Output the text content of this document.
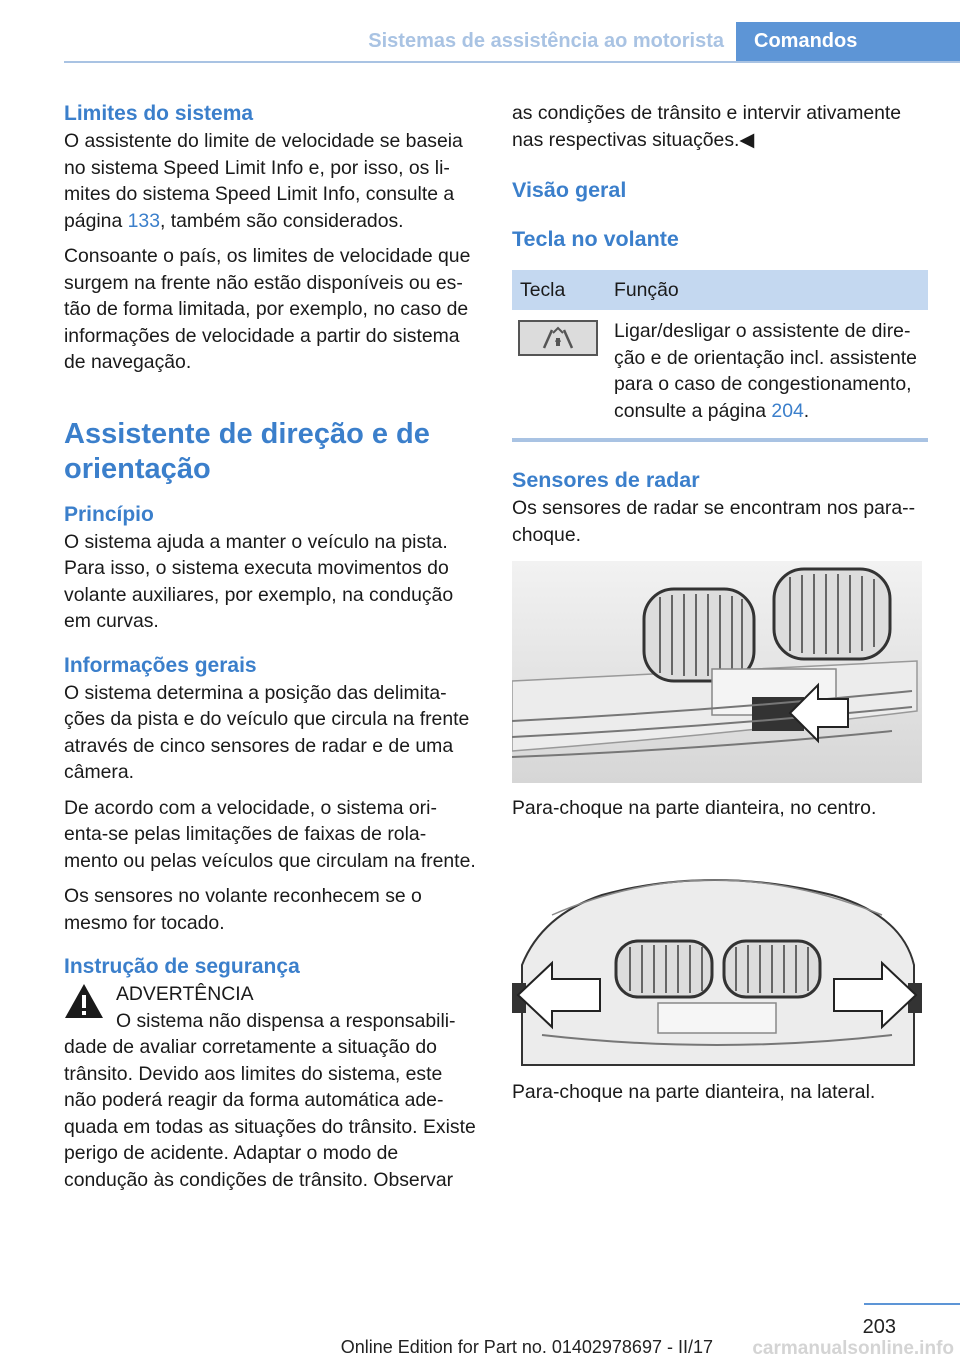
Sistemas de assistência ao motorista Comandos
Limites do sistema

O assistente do limite de velocidade se baseia no sistema Speed Limit Info e, por isso, os li‐mites do sistema Speed Limit Info, consulte a página 133, também são considerados.

Consoante o país, os limites de velocidade que surgem na frente não estão disponíveis ou es‐tão de forma limitada, por exemplo, no caso de informações de velocidade a partir do sistema de navegação.

Assistente de direção e de orientação
Princípio

O sistema ajuda a manter o veículo na pista. Para isso, o sistema executa movimentos do volante auxiliares, por exemplo, na condução em curvas.

Informações gerais

O sistema determina a posição das delimita‐ções da pista e do veículo que circula na frente através de cinco sensores de radar e de uma câmera.

De acordo com a velocidade, o sistema ori‐enta-se pelas limitações de faixas de rola‐mento ou pelas veículos que circulam na frente.

Os sensores no volante reconhecem se o mesmo for tocado.

Instrução de segurança

ADVERTÊNCIA

O sistema não dispensa a responsabili‐

dade de avaliar corretamente a situação do trânsito. Devido aos limites do sistema, este não poderá reagir da forma automática ade‐quada em todas as situações do trânsito. Existe perigo de acidente. Adaptar o modo de condução às condições de trânsito. Observar

as condições de trânsito e intervir ativamente nas respectivas situações.◀

Visão geral
Tecla no volante
Tecla	Função

	Ligar/desligar o assistente de dire‐ção e de orientação incl. assistente para o caso de congestionamento, consulte a página 204.
Sensores de radar

Os sensores de radar se encontram nos para‐-choque.

Para-choque na parte dianteira, no centro.

Para-choque na parte dianteira, na lateral.

203
Online Edition for Part no. 01402978697 - II/17 carmanualsonline.info
